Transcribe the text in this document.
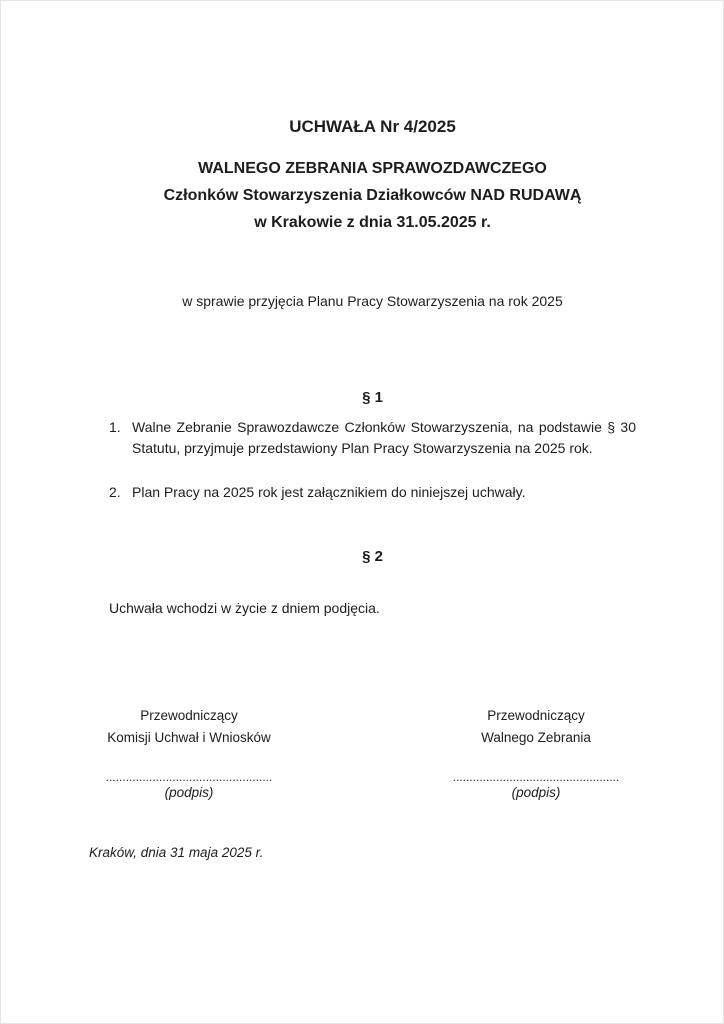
UCHWAŁA Nr 4/2025
WALNEGO ZEBRANIA SPRAWOZDAWCZEGO
Członków Stowarzyszenia Działkowców NAD RUDAWĄ
w Krakowie z dnia 31.05.2025 r.
w sprawie przyjęcia Planu Pracy Stowarzyszenia na rok 2025
§ 1
1. Walne Zebranie Sprawozdawcze Członków Stowarzyszenia, na podstawie § 30 Statutu, przyjmuje przedstawiony Plan Pracy Stowarzyszenia na 2025 rok.
2. Plan Pracy na 2025 rok jest załącznikiem do niniejszej uchwały.
§ 2
Uchwała wchodzi w życie z dniem podjęcia.
Przewodniczący
Komisji Uchwał i Wniosków
..................................................
(podpis)
Przewodniczący
Walnego Zebrania
..................................................
(podpis)
Kraków, dnia 31 maja 2025 r.
